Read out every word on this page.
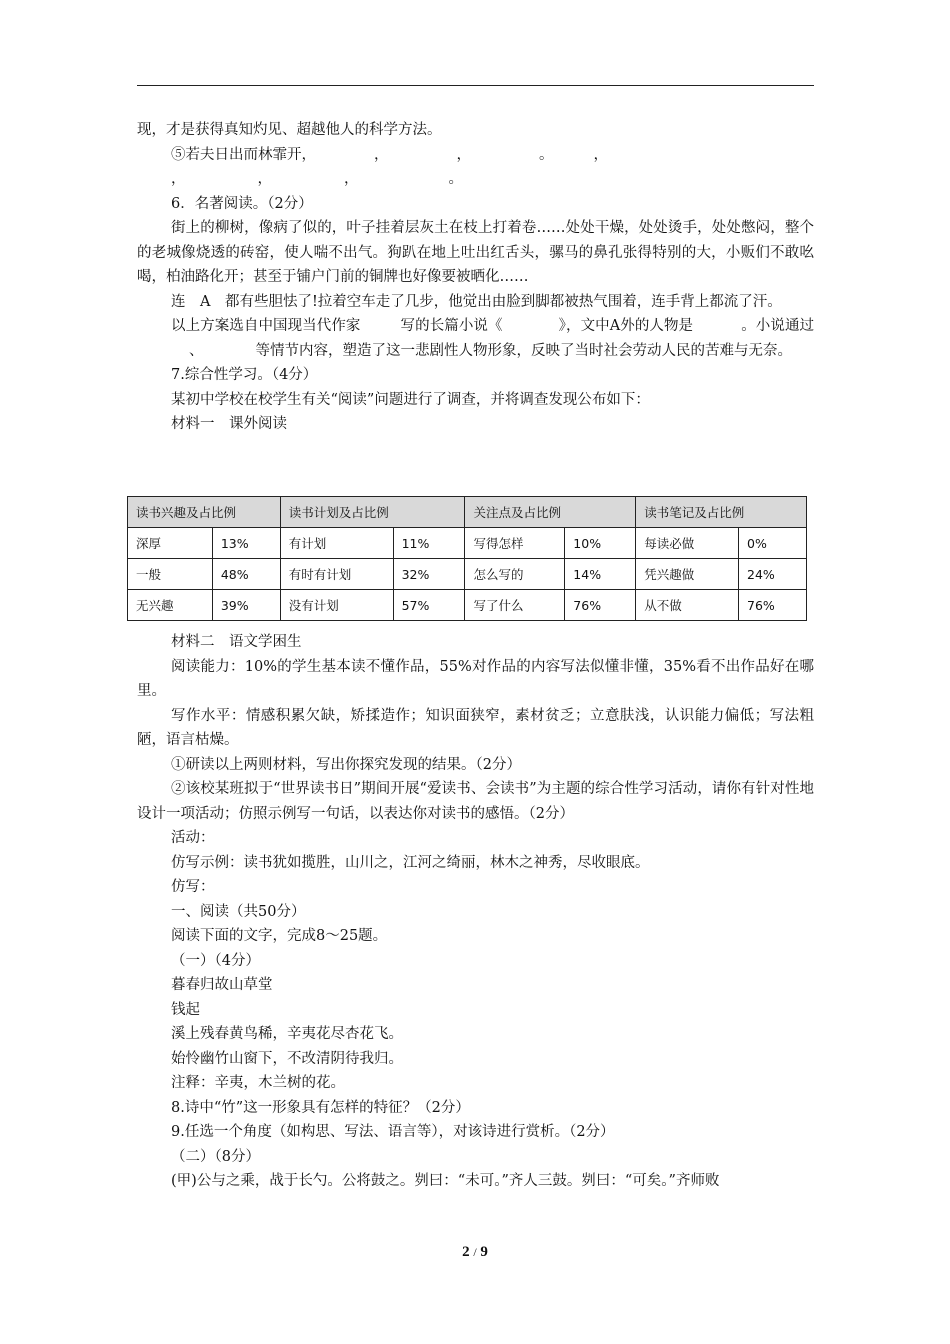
现，才是获得真知灼见、超越他人的科学方法。

⑤若夫日出而林霏开，	，	，	。	，

，	，	，	。

6．名著阅读。（2分）

街上的柳树，像病了似的，叶子挂着层灰土在枝上打着卷……处处干燥，处处烫手，处处憋闷，整个的老城像烧透的砖窑，使人喘不出气。狗趴在地上吐出红舌头，骡马的鼻孔张得特别的大，小贩们不敢吆喝，柏油路化开；甚至于铺户门前的铜牌也好像要被晒化……

连　A　都有些胆怯了!拉着空车走了几步，他觉出由脸到脚都被热气围着，连手背上都流了汗。

以上方案选自中国现当代作家	写的长篇小说《	》，文中A外的人物是	。小说通过、	等情节内容，塑造了这一悲剧性人物形象，反映了当时社会劳动人民的苦难与无奈。

7.综合性学习。（4分）

某初中学校在校学生有关“阅读”问题进行了调查，并将调查发现公布如下：

材料一　课外阅读

读书兴趣及占比例		读书计划及占比例		关注点及占比例		读书笔记及占比例	
深厚	13%	有计划	11%	写得怎样	10%	每读必做	0%
一般	48%	有时有计划	32%	怎么写的	14%	凭兴趣做	24%
无兴趣	39%	没有计划	57%	写了什么	76%	从不做	76%

材料二　语文学困生

阅读能力：10%的学生基本读不懂作品，55%对作品的内容写法似懂非懂，35%看不出作品好在哪里。

写作水平：情感积累欠缺，矫揉造作；知识面狭窄，素材贫乏；立意肤浅，认识能力偏低；写法粗陋，语言枯燥。

①研读以上两则材料，写出你探究发现的结果。（2分）

②该校某班拟于“世界读书日”期间开展“爱读书、会读书”为主题的综合性学习活动，请你有针对性地设计一项活动；仿照示例写一句话，以表达你对读书的感悟。（2分）

活动：

仿写示例：读书犹如揽胜，山川之，江河之绮丽，林木之神秀，尽收眼底。

仿写：

一、阅读（共50分）

阅读下面的文字，完成8～25题。

（一）（4分）

暮春归故山草堂

钱起

溪上残春黄鸟稀，辛夷花尽杏花飞。

始怜幽竹山窗下，不改清阴待我归。

注释：辛夷，木兰树的花。

8.诗中“竹”这一形象具有怎样的特征？（2分）

9.任选一个角度（如构思、写法、语言等），对该诗进行赏析。（2分）

（二）（8分）

(甲)公与之乘，战于长勺。公将鼓之。刿曰：“未可。”齐人三鼓。刿曰：“可矣。”齐师败

2 / 9
